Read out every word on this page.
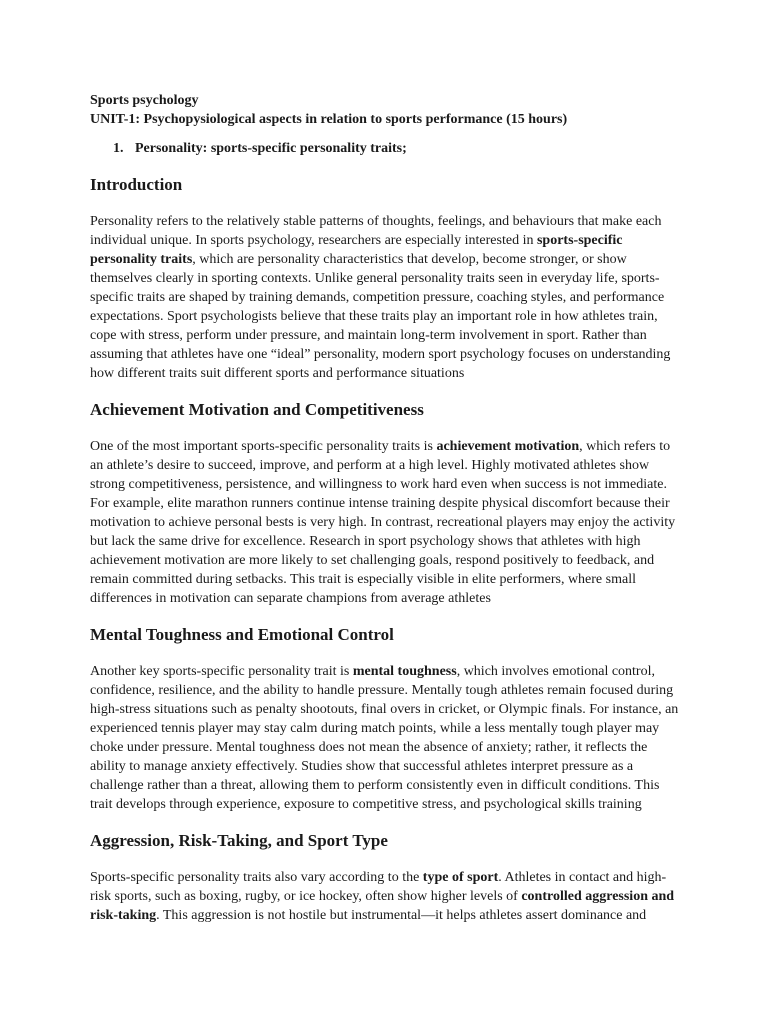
Sports psychology
UNIT-1: Psychopysiological aspects in relation to sports performance (15 hours)
1. Personality: sports-specific personality traits;
Introduction

Personality refers to the relatively stable patterns of thoughts, feelings, and behaviours that make each individual unique. In sports psychology, researchers are especially interested in sports-specific personality traits, which are personality characteristics that develop, become stronger, or show themselves clearly in sporting contexts. Unlike general personality traits seen in everyday life, sports-specific traits are shaped by training demands, competition pressure, coaching styles, and performance expectations. Sport psychologists believe that these traits play an important role in how athletes train, cope with stress, perform under pressure, and maintain long-term involvement in sport. Rather than assuming that athletes have one “ideal” personality, modern sport psychology focuses on understanding how different traits suit different sports and performance situations

Achievement Motivation and Competitiveness

One of the most important sports-specific personality traits is achievement motivation, which refers to an athlete’s desire to succeed, improve, and perform at a high level. Highly motivated athletes show strong competitiveness, persistence, and willingness to work hard even when success is not immediate. For example, elite marathon runners continue intense training despite physical discomfort because their motivation to achieve personal bests is very high. In contrast, recreational players may enjoy the activity but lack the same drive for excellence. Research in sport psychology shows that athletes with high achievement motivation are more likely to set challenging goals, respond positively to feedback, and remain committed during setbacks. This trait is especially visible in elite performers, where small differences in motivation can separate champions from average athletes

Mental Toughness and Emotional Control

Another key sports-specific personality trait is mental toughness, which involves emotional control, confidence, resilience, and the ability to handle pressure. Mentally tough athletes remain focused during high-stress situations such as penalty shootouts, final overs in cricket, or Olympic finals. For instance, an experienced tennis player may stay calm during match points, while a less mentally tough player may choke under pressure. Mental toughness does not mean the absence of anxiety; rather, it reflects the ability to manage anxiety effectively. Studies show that successful athletes interpret pressure as a challenge rather than a threat, allowing them to perform consistently even in difficult conditions. This trait develops through experience, exposure to competitive stress, and psychological skills training

Aggression, Risk-Taking, and Sport Type

Sports-specific personality traits also vary according to the type of sport. Athletes in contact and high-risk sports, such as boxing, rugby, or ice hockey, often show higher levels of controlled aggression and risk-taking. This aggression is not hostile but instrumental—it helps athletes assert dominance and
